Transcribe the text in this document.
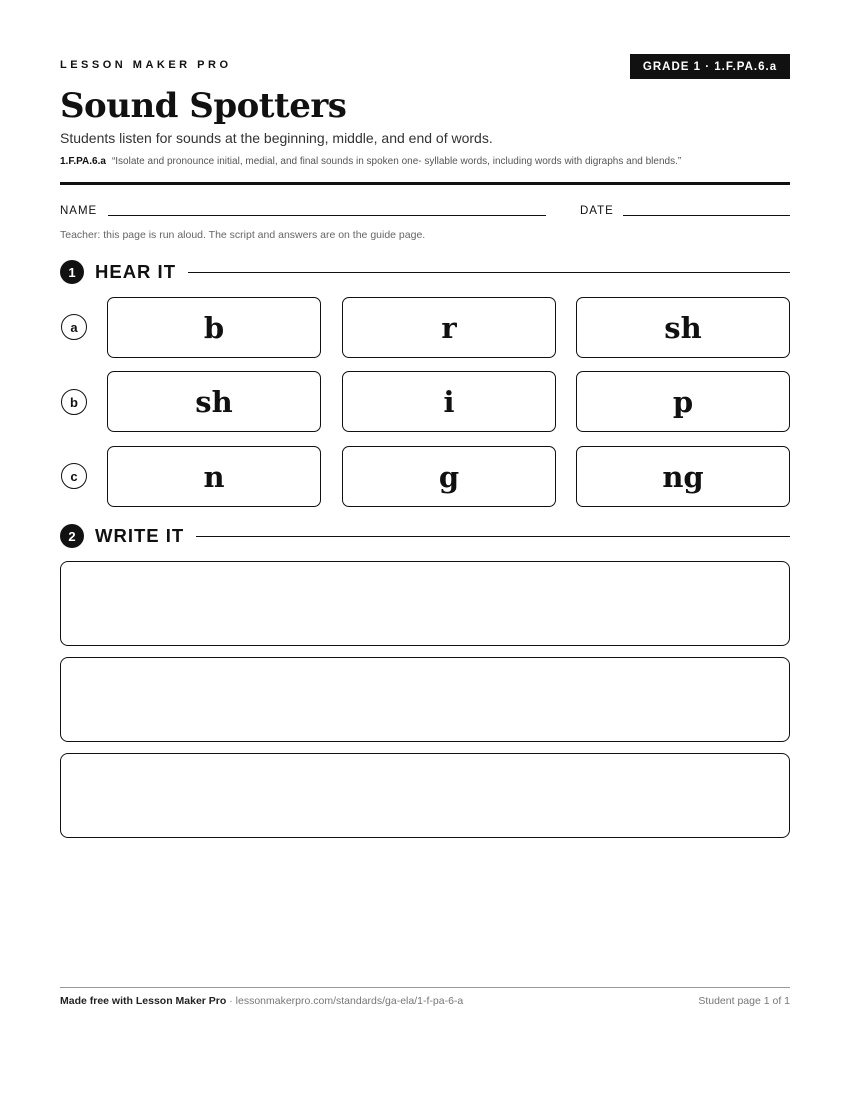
LESSON MAKER PRO	GRADE 1 · 1.F.PA.6.a
Sound Spotters
Students listen for sounds at the beginning, middle, and end of words.
1.F.PA.6.a “Isolate and pronounce initial, medial, and final sounds in spoken one- syllable words, including words with digraphs and blends.”
NAME	DATE
Teacher: this page is run aloud. The script and answers are on the guide page.
1	HEAR IT
a	b	r	sh
b	sh	i	p
c	n	g	ng
2	WRITE IT
Made free with Lesson Maker Pro · lessonmakerpro.com/standards/ga-ela/1-f-pa-6-a	Student page 1 of 1
